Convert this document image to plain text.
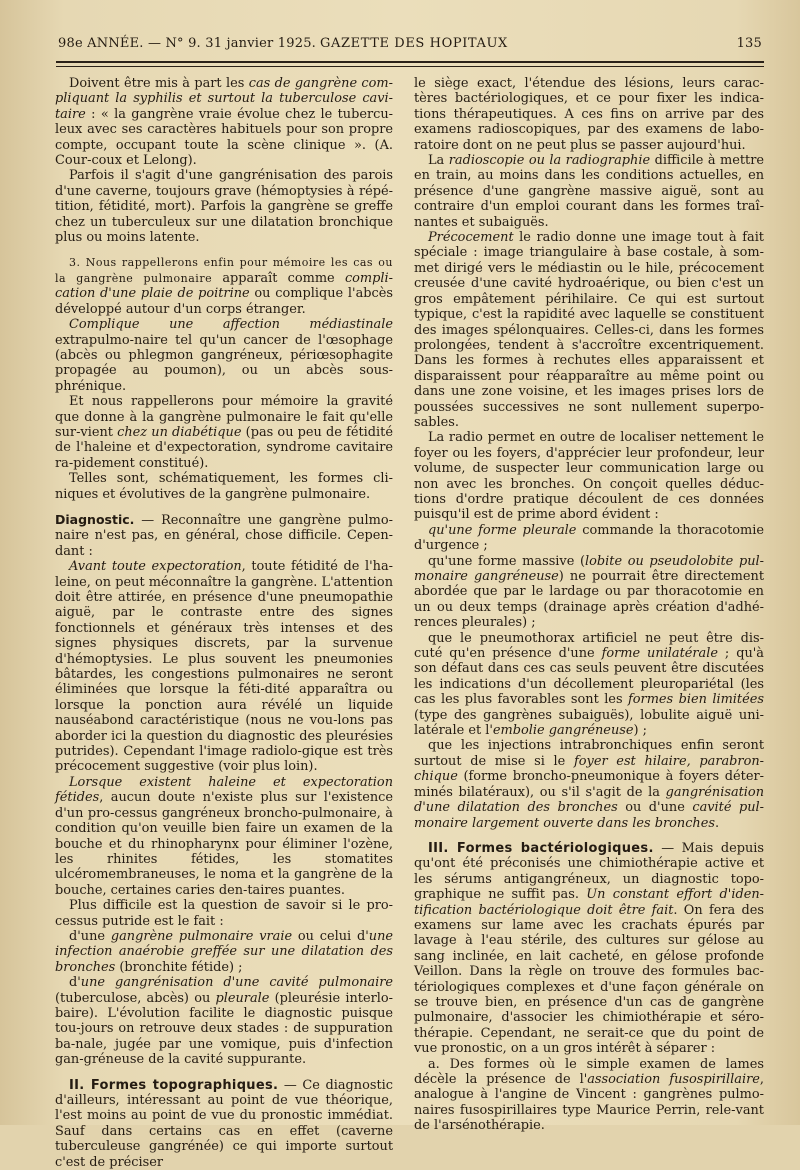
98e ANNÉE. — N° 9. 31 janvier 1925. GAZETTE DES HOPITAUX	135

Doivent être mis à part les cas de gangrène com-pliquant la syphilis et surtout la tuberculose cavi-taire : « la gangrène vraie évolue chez le tubercu-leux avec ses caractères habituels pour son propre compte, occupant toute la scène clinique ». (A. Cour-coux et Lelong).

Parfois il s'agit d'une gangrénisation des parois d'une caverne, toujours grave (hémoptysies à répé-tition, fétidité, mort). Parfois la gangrène se greffe chez un tuberculeux sur une dilatation bronchique plus ou moins latente.

3. Nous rappellerons enfin pour mémoire les cas ou la gangrène pulmonaire apparaît comme compli-cation d'une plaie de poitrine ou complique l'abcès développé autour d'un corps étranger.

Complique une affection médiastinale extrapulmo-naire tel qu'un cancer de l'œsophage (abcès ou phlegmon gangréneux, périœsophagite propagée au poumon), ou un abcès sous-phrénique.

Et nous rappellerons pour mémoire la gravité que donne à la gangrène pulmonaire le fait qu'elle sur-vient chez un diabétique (pas ou peu de fétidité de l'haleine et d'expectoration, syndrome cavitaire ra-pidement constitué).

Telles sont, schématiquement, les formes cli-niques et évolutives de la gangrène pulmonaire.

Diagnostic. — Reconnaître une gangrène pulmo-naire n'est pas, en général, chose difficile. Cepen-dant :

Avant toute expectoration, toute fétidité de l'ha-leine, on peut méconnaître la gangrène. L'attention doit être attirée, en présence d'une pneumopathie aiguë, par le contraste entre des signes fonctionnels et généraux très intenses et des signes physiques discrets, par la survenue d'hémoptysies. Le plus souvent les pneumonies bâtardes, les congestions pulmonaires ne seront éliminées que lorsque la féti-dité apparaîtra ou lorsque la ponction aura révélé un liquide nauséabond caractéristique (nous ne vou-lons pas aborder ici la question du diagnostic des pleurésies putrides). Cependant l'image radiolo-gique est très précocement suggestive (voir plus loin).

Lorsque existent haleine et expectoration fétides, aucun doute n'existe plus sur l'existence d'un pro-cessus gangréneux broncho-pulmonaire, à condition qu'on veuille bien faire un examen de la bouche et du rhinopharynx pour éliminer l'ozène, les rhinites fétides, les stomatites ulcéromembraneuses, le noma et la gangrène de la bouche, certaines caries den-taires puantes.

Plus difficile est la question de savoir si le pro-cessus putride est le fait :

d'une gangrène pulmonaire vraie ou celui d'une infection anaérobie greffée sur une dilatation des bronches (bronchite fétide) ;

d'une gangrénisation d'une cavité pulmonaire (tuberculose, abcès) ou pleurale (pleurésie interlo-baire). L'évolution facilite le diagnostic puisque tou-jours on retrouve deux stades : de suppuration ba-nale, jugée par une vomique, puis d'infection gan-gréneuse de la cavité suppurante.

II. Formes topographiques. — Ce diagnostic d'ailleurs, intéressant au point de vue théorique, l'est moins au point de vue du pronostic immédiat. Sauf dans certains cas en effet (caverne tuberculeuse gangrénée) ce qui importe surtout c'est de préciser

le siège exact, l'étendue des lésions, leurs carac-tères bactériologiques, et ce pour fixer les indica-tions thérapeutiques. A ces fins on arrive par des examens radioscopiques, par des examens de labo-ratoire dont on ne peut plus se passer aujourd'hui.

La radioscopie ou la radiographie difficile à mettre en train, au moins dans les conditions actuelles, en présence d'une gangrène massive aiguë, sont au contraire d'un emploi courant dans les formes traî-nantes et subaiguës.

Précocement le radio donne une image tout à fait spéciale : image triangulaire à base costale, à som-met dirigé vers le médiastin ou le hile, précocement creusée d'une cavité hydroaérique, ou bien c'est un gros empâtement périhilaire. Ce qui est surtout typique, c'est la rapidité avec laquelle se constituent des images spélonquaires. Celles-ci, dans les formes prolongées, tendent à s'accroître excentriquement. Dans les formes à rechutes elles apparaissent et disparaissent pour réapparaître au même point ou dans une zone voisine, et les images prises lors de poussées successives ne sont nullement superpo-sables.

La radio permet en outre de localiser nettement le foyer ou les foyers, d'apprécier leur profondeur, leur volume, de suspecter leur communication large ou non avec les bronches. On conçoit quelles déduc-tions d'ordre pratique découlent de ces données puisqu'il est de prime abord évident :

qu'une forme pleurale commande la thoracotomie d'urgence ;

qu'une forme massive (lobite ou pseudolobite pul-monaire gangréneuse) ne pourrait être directement abordée que par le lardage ou par thoracotomie en un ou deux temps (drainage après création d'adhé-rences pleurales) ;

que le pneumothorax artificiel ne peut être dis-cuté qu'en présence d'une forme unilatérale ; qu'à son défaut dans ces cas seuls peuvent être discutées les indications d'un décollement pleuropariétal (les cas les plus favorables sont les formes bien limitées (type des gangrènes subaiguës), lobulite aiguë uni-latérale et l'embolie gangréneuse) ;

que les injections intrabronchiques enfin seront surtout de mise si le foyer est hilaire, parabron-chique (forme broncho-pneumonique à foyers déter-minés bilatéraux), ou s'il s'agit de la gangrénisation d'une dilatation des bronches ou d'une cavité pul-monaire largement ouverte dans les bronches.

III. Formes bactériologiques. — Mais depuis qu'ont été préconisés une chimiothérapie active et les sérums antigangréneux, un diagnostic topo-graphique ne suffit pas. Un constant effort d'iden-tification bactériologique doit être fait. On fera des examens sur lame avec les crachats épurés par lavage à l'eau stérile, des cultures sur gélose au sang inclinée, en lait cacheté, en gélose profonde Veillon. Dans la règle on trouve des formules bac-tériologiques complexes et d'une façon générale on se trouve bien, en présence d'un cas de gangrène pulmonaire, d'associer les chimiothérapie et séro-thérapie. Cependant, ne serait-ce que du point de vue pronostic, on a un gros intérêt à séparer :

a. Des formes où le simple examen de lames décèle la présence de l'association fusospirillaire, analogue à l'angine de Vincent : gangrènes pulmo-naires fusospirillaires type Maurice Perrin, rele-vant de l'arsénothérapie.
